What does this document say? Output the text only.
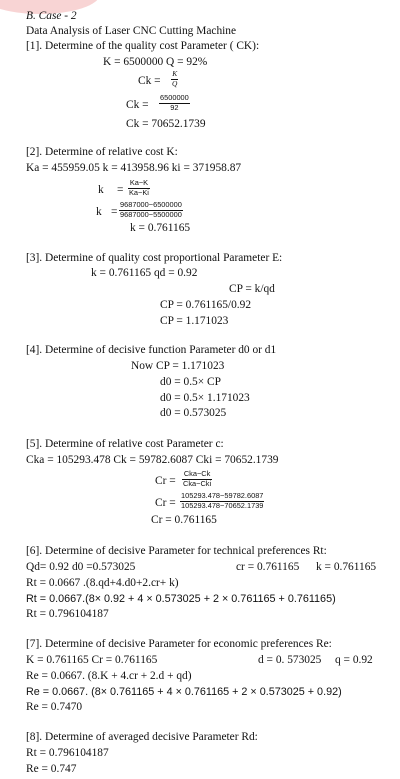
B. Case - 2
Data Analysis of Laser CNC Cutting Machine
[1]. Determine of the quality cost Parameter ( CK):
K = 6500000 Q = 92%
Ck =
K
Q
Ck =
6500000
92
Ck = 70652.1739
[2]. Determine of relative cost K:
Ka = 455959.05 k = 413958.96 ki = 371958.87
k =
Ka−K
Ka−Ki
k =
9687000−6500000
9687000−5500000
k = 0.761165
[3]. Determine of quality cost proportional Parameter E:
k = 0.761165 qd = 0.92
CP = k/qd
CP = 0.761165/0.92
CP = 1.171023
[4]. Determine of decisive function Parameter d0 or d1
Now CP = 1.171023
d0 = 0.5× CP
d0 = 0.5× 1.171023
d0 = 0.573025
[5]. Determine of relative cost Parameter c:
Cka = 105293.478 Ck = 59782.6087 Cki = 70652.1739
Cr =
Cka−Ck
Cka−Cki
Cr =
105293.478−59782.6087
105293.478−70652.1739
Cr = 0.761165
[6]. Determine of decisive Parameter for technical preferences Rt:
Qd= 0.92 d0 =0.573025	cr = 0.761165 k = 0.761165
Rt = 0.0667 .(8.qd+4.d0+2.cr+ k)
Rt = 0.0667.(8× 0.92 + 4 × 0.573025 + 2 × 0.761165 + 0.761165)
Rt = 0.796104187
[7]. Determine of decisive Parameter for economic preferences Re:
K = 0.761165 Cr = 0.761165	d = 0. 573025 q = 0.92
Re = 0.0667. (8.K + 4.cr + 2.d + qd)
Re = 0.0667. (8× 0.761165 + 4 × 0.761165 + 2 × 0.573025 + 0.92)
Re = 0.7470
[8]. Determine of averaged decisive Parameter Rd:
Rt = 0.796104187
Re = 0.747
